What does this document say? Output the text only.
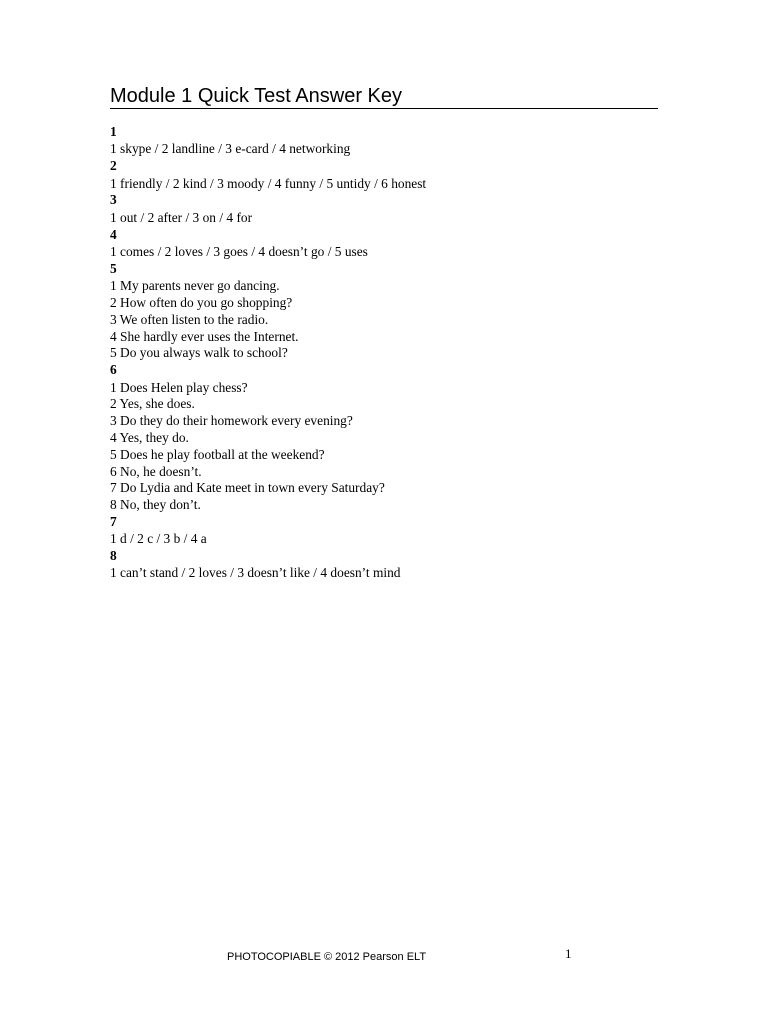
Module 1 Quick Test Answer Key
1
1 skype / 2 landline / 3 e-card / 4 networking
2
1 friendly / 2 kind / 3 moody / 4 funny / 5 untidy / 6 honest
3
1 out / 2 after / 3 on / 4 for
4
1 comes / 2 loves / 3 goes / 4 doesn’t go / 5 uses
5
1 My parents never go dancing.
2 How often do you go shopping?
3 We often listen to the radio.
4 She hardly ever uses the Internet.
5 Do you always walk to school?
6
1 Does Helen play chess?
2 Yes, she does.
3 Do they do their homework every evening?
4 Yes, they do.
5 Does he play football at the weekend?
6 No, he doesn’t.
7 Do Lydia and Kate meet in town every Saturday?
8 No, they don’t.
7
1 d / 2 c / 3 b / 4 a
8
1 can’t stand / 2 loves / 3 doesn’t like / 4 doesn’t mind
PHOTOCOPIABLE © 2012 Pearson ELT	1
